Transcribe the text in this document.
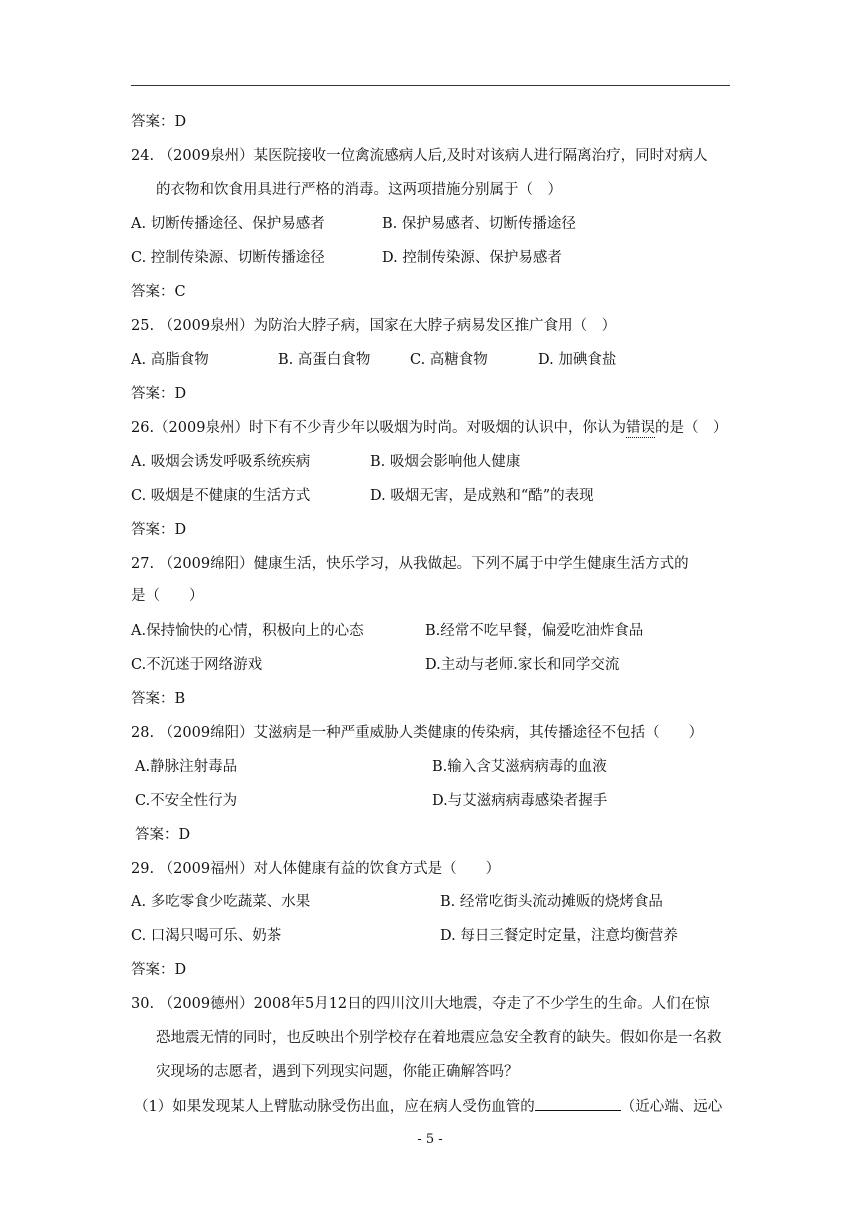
答案：D
24. （2009泉州）某医院接收一位禽流感病人后,及时对该病人进行隔离治疗，同时对病人
的衣物和饮食用具进行严格的消毒。这两项措施分别属于（　）
A. 切断传播途径、保护易感者	B. 保护易感者、切断传播途径
C. 控制传染源、切断传播途径	D. 控制传染源、保护易感者
答案：C
25. （2009泉州）为防治大脖子病，国家在大脖子病易发区推广食用（　）
A. 高脂食物	B. 高蛋白食物	C. 高糖食物	D. 加碘食盐
答案：D
26.（2009泉州）时下有不少青少年以吸烟为时尚。对吸烟的认识中，你认为错误的是（　）
A. 吸烟会诱发呼吸系统疾病	B. 吸烟会影响他人健康
C. 吸烟是不健康的生活方式	D. 吸烟无害，是成熟和“酷”的表现
答案：D
27. （2009绵阳）健康生活，快乐学习，从我做起。下列不属于中学生健康生活方式的
是（　　）
A.保持愉快的心情，积极向上的心态	B.经常不吃早餐，偏爱吃油炸食品
C.不沉迷于网络游戏	D.主动与老师.家长和同学交流
答案：B
28. （2009绵阳）艾滋病是一种严重威胁人类健康的传染病，其传播途径不包括（　　）
A.静脉注射毒品	B.输入含艾滋病病毒的血液
C.不安全性行为	D.与艾滋病病毒感染者握手
答案：D
29. （2009福州）对人体健康有益的饮食方式是（　　）
A. 多吃零食少吃蔬菜、水果	B. 经常吃街头流动摊贩的烧烤食品
C. 口渴只喝可乐、奶茶	D. 每日三餐定时定量，注意均衡营养
答案：D
30. （2009德州）2008年5月12日的四川汶川大地震，夺走了不少学生的生命。人们在惊
恐地震无情的同时，也反映出个别学校存在着地震应急安全教育的缺失。假如你是一名救
灾现场的志愿者，遇到下列现实问题，你能正确解答吗？
（1）如果发现某人上臂肱动脉受伤出血，应在病人受伤血管的	（近心端、远心
- 5 -
